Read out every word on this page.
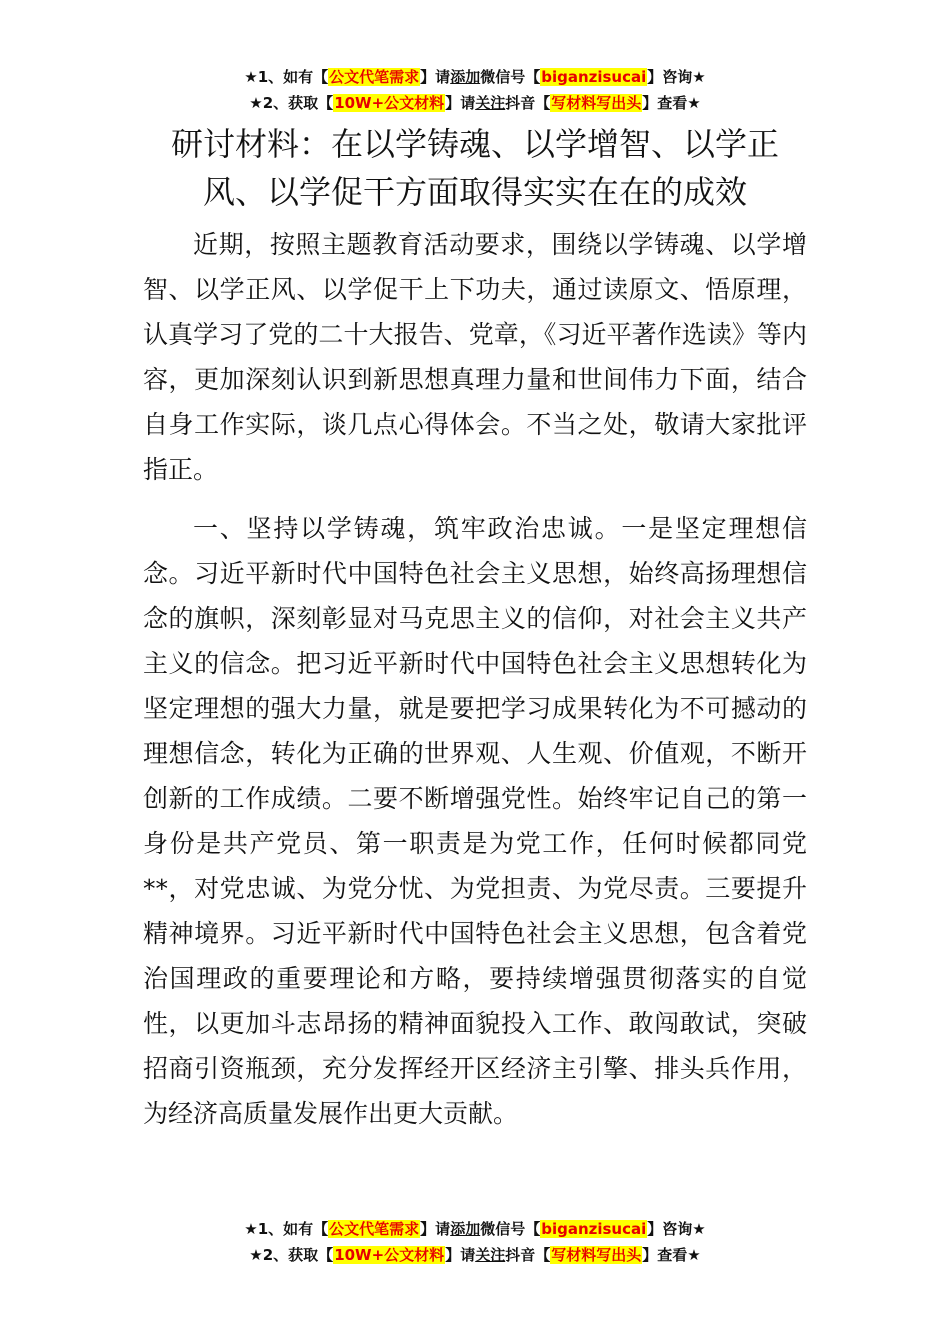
★1、如有【公文代笔需求】请添加微信号【biganzisucai】咨询★
★2、获取【10W+公文材料】请关注抖音【写材料写出头】查看★
研讨材料：在以学铸魂、以学增智、以学正风、以学促干方面取得实实在在的成效

近期，按照主题教育活动要求，围绕以学铸魂、以学增智、以学正风、以学促干上下功夫，通过读原文、悟原理，认真学习了党的二十大报告、党章，《习近平著作选读》等内容，更加深刻认识到新思想真理力量和世间伟力下面，结合自身工作实际，谈几点心得体会。不当之处，敬请大家批评指正。

一、坚持以学铸魂，筑牢政治忠诚。一是坚定理想信念。习近平新时代中国特色社会主义思想，始终高扬理想信念的旗帜，深刻彰显对马克思主义的信仰，对社会主义共产主义的信念。把习近平新时代中国特色社会主义思想转化为坚定理想的强大力量，就是要把学习成果转化为不可撼动的理想信念，转化为正确的世界观、人生观、价值观，不断开创新的工作成绩。二要不断增强党性。始终牢记自己的第一身份是共产党员、第一职责是为党工作，任何时候都同党**，对党忠诚、为党分忧、为党担责、为党尽责。三要提升精神境界。习近平新时代中国特色社会主义思想，包含着党治国理政的重要理论和方略，要持续增强贯彻落实的自觉性，以更加斗志昂扬的精神面貌投入工作、敢闯敢试，突破招商引资瓶颈，充分发挥经开区经济主引擎、排头兵作用，为经济高质量发展作出更大贡献。

★1、如有【公文代笔需求】请添加微信号【biganzisucai】咨询★
★2、获取【10W+公文材料】请关注抖音【写材料写出头】查看★
